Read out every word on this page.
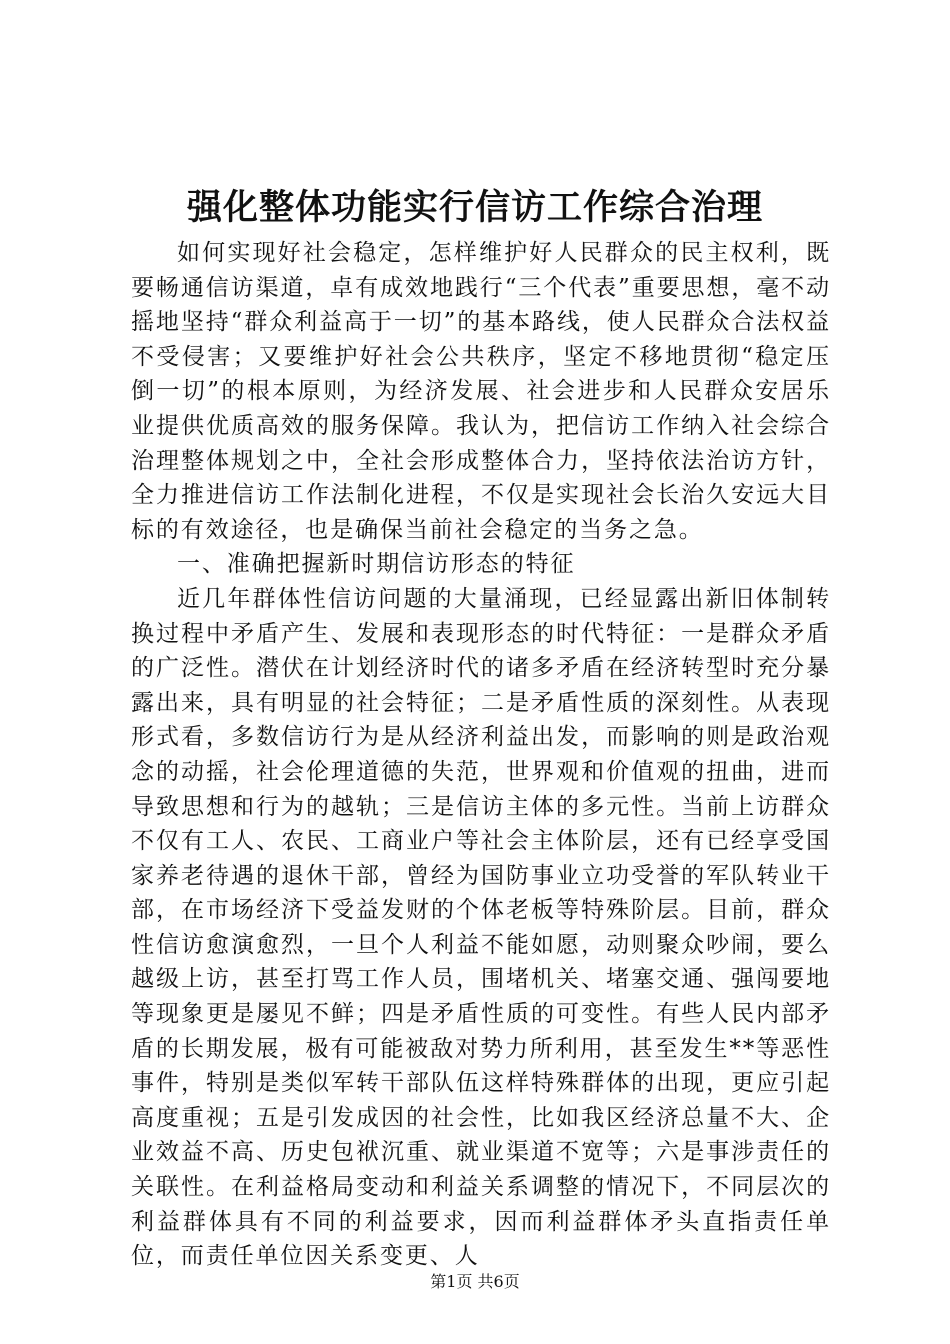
强化整体功能实行信访工作综合治理

如何实现好社会稳定，怎样维护好人民群众的民主权利，既要畅通信访渠道，卓有成效地践行“三个代表”重要思想，毫不动摇地坚持“群众利益高于一切”的基本路线，使人民群众合法权益不受侵害；又要维护好社会公共秩序，坚定不移地贯彻“稳定压倒一切”的根本原则，为经济发展、社会进步和人民群众安居乐业提供优质高效的服务保障。我认为，把信访工作纳入社会综合治理整体规划之中，全社会形成整体合力，坚持依法治访方针，全力推进信访工作法制化进程，不仅是实现社会长治久安远大目标的有效途径，也是确保当前社会稳定的当务之急。

一、准确把握新时期信访形态的特征

近几年群体性信访问题的大量涌现，已经显露出新旧体制转换过程中矛盾产生、发展和表现形态的时代特征：一是群众矛盾的广泛性。潜伏在计划经济时代的诸多矛盾在经济转型时充分暴露出来，具有明显的社会特征；二是矛盾性质的深刻性。从表现形式看，多数信访行为是从经济利益出发，而影响的则是政治观念的动摇，社会伦理道德的失范，世界观和价值观的扭曲，进而导致思想和行为的越轨；三是信访主体的多元性。当前上访群众不仅有工人、农民、工商业户等社会主体阶层，还有已经享受国家养老待遇的退休干部，曾经为国防事业立功受誉的军队转业干部，在市场经济下受益发财的个体老板等特殊阶层。目前，群众性信访愈演愈烈，一旦个人利益不能如愿，动则聚众吵闹，要么越级上访，甚至打骂工作人员，围堵机关、堵塞交通、强闯要地等现象更是屡见不鲜；四是矛盾性质的可变性。有些人民内部矛盾的长期发展，极有可能被敌对势力所利用，甚至发生**等恶性事件，特别是类似军转干部队伍这样特殊群体的出现，更应引起高度重视；五是引发成因的社会性，比如我区经济总量不大、企业效益不高、历史包袱沉重、就业渠道不宽等；六是事涉责任的关联性。在利益格局变动和利益关系调整的情况下，不同层次的利益群体具有不同的利益要求，因而利益群体矛头直指责任单位，而责任单位因关系变更、人

第1页 共6页
